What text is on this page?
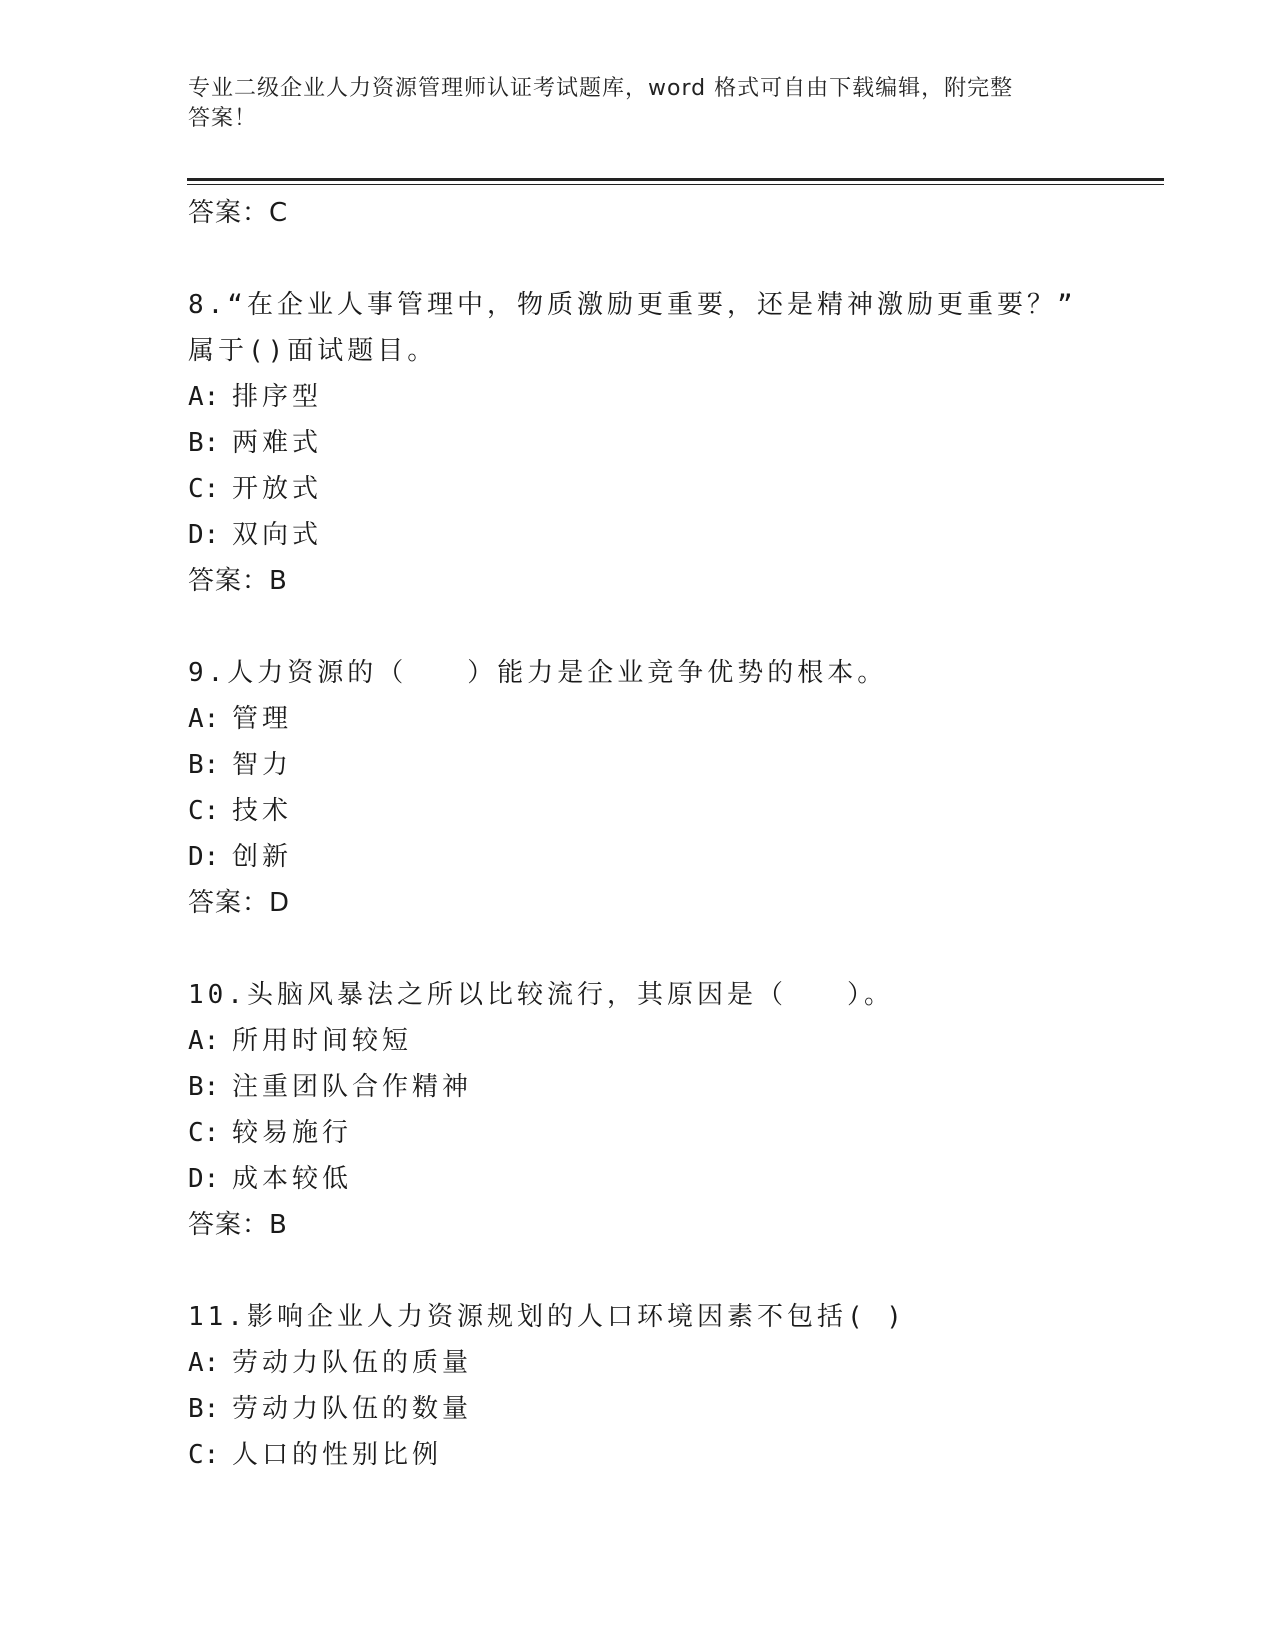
专业二级企业人力资源管理师认证考试题库，word 格式可自由下载编辑，附完整
答案！
答案：C
8.“在企业人事管理中，物质激励更重要，还是精神激励更重要？”
属于()面试题目。
A: 排序型
B: 两难式
C: 开放式
D: 双向式
答案：B
9.人力资源的（　　）能力是企业竞争优势的根本。
A: 管理
B: 智力
C: 技术
D: 创新
答案：D
10.头脑风暴法之所以比较流行，其原因是（　　）。
A: 所用时间较短
B: 注重团队合作精神
C: 较易施行
D: 成本较低
答案：B
11.影响企业人力资源规划的人口环境因素不包括( )
A: 劳动力队伍的质量
B: 劳动力队伍的数量
C: 人口的性别比例
